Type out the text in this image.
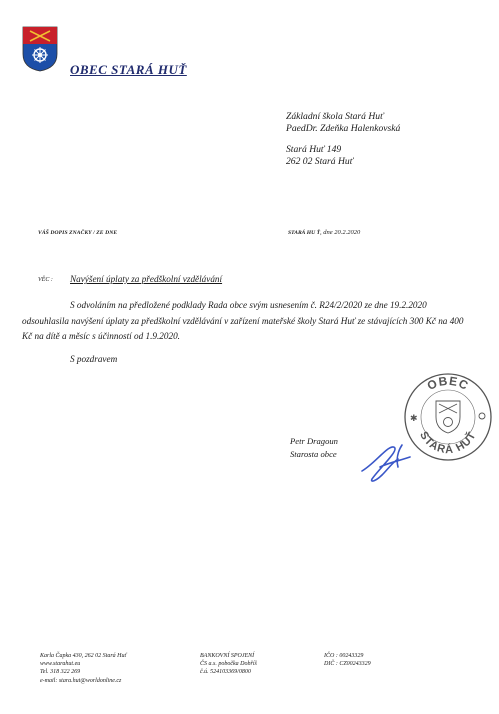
OBEC STARÁ HUŤ
Základní škola Stará Huť
PaedDr. Zdeňka Halenkovská
Stará Huť 149
262 02 Stará Huť
VÁŠ DOPIS ZNAČKY / ZE DNE	STARÁ HU Ť, dne 20.2.2020
VĚC : Navýšení úplaty za předškolní vzdělávání
S odvoláním na předložené podklady Rada obce svým usnesením č. R24/2/2020 ze dne 19.2.2020 odsouhlasila navýšení úplaty za předškolní vzdělávání v zařízení mateřské školy Stará Huť ze stávajících 300 Kč na 400 Kč na dítě a měsíc s účinností od 1.9.2020.
S pozdravem
Petr Dragoun
Starosta obce
OBEC
STARÁ HUŤ
✱
Karla Čapka 430, 262 02 Stará Huť
www.starahut.eu
Tel. 318 322 269
e-mail: stara.hut@worldonline.cz
BANKOVNÍ SPOJENÍ
ČS a.s. pobočka Dobříš
č.ú. 524103369/0800
IČO : 00243329
DIČ : CZ00243329
